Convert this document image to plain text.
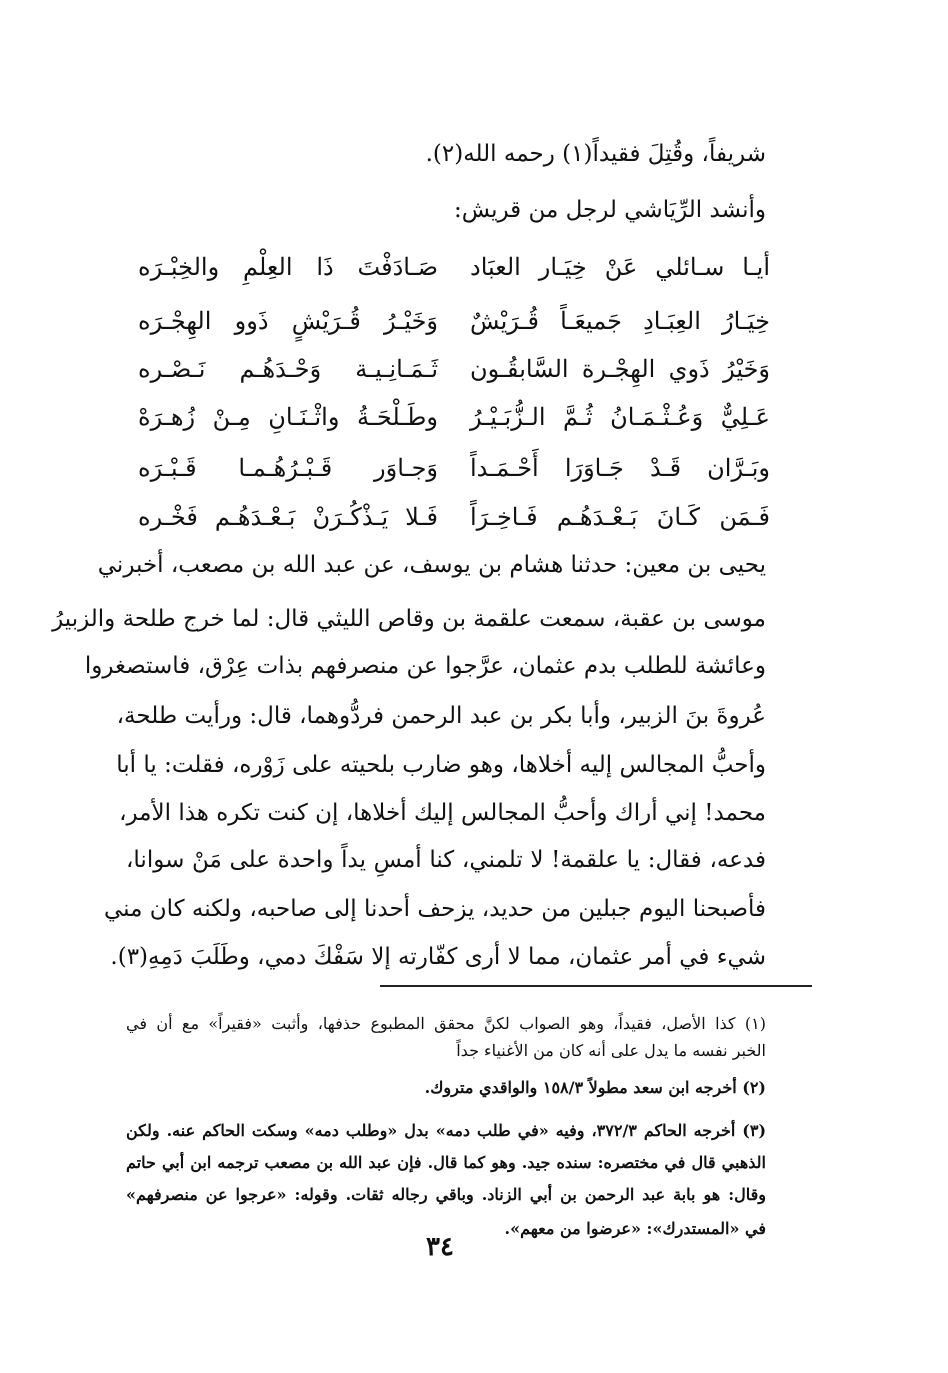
شريفاً، وقُتِلَ فقيداً(١) رحمه الله(٢).
وأنشد الرِّيَاشي لرجل من قريش:
أيـا سـائلي عَنْ خِيَـار العبَاد
صَـادَفْتَ ذَا العِلْمِ والخِبْـرَه
خِيَـارُ العِبَـادِ جَميعَـاً قُـرَيْشٌ
وَخَيْـرُ قُـرَيْشٍ ذَوو الهِجْـرَه
وَخَيْرُ ذَوي الهِجْـرة السَّابقُـون
ثَـمَـانِـيـة وَحْـدَهُـم نَـصْـره
عَـلِيٌّ وَعُـثْـمَـانُ ثُـمَّ الـزُّبَـيْـرُ
وطَـلْحَـةُ واثْـنَـانِ مِـنْ زُهـرَهْ
وبَـرَّان قَـدْ جَـاوَرَا أَحْـمَـداً
وَجـاوَر قَـبْـرُهُـمـا قَـبْـرَه
فَـمَن كَـانَ بَـعْـدَهُـم فَـاخِـرَاً
فَـلا يَـذْكُـرَنْ بَـعْـدَهُـم فَخْـره
يحيى بن معين: حدثنا هشام بن يوسف، عن عبد الله بن مصعب، أخبرني
موسى بن عقبة، سمعت علقمة بن وقاص الليثي قال: لما خرج طلحة والزبيرُ
وعائشة للطلب بدم عثمان، عرَّجوا عن منصرفهم بذات عِرْق، فاستصغروا
عُروةَ بنَ الزبير، وأبا بكر بن عبد الرحمن فردُّوهما، قال: ورأيت طلحة،
وأحبُّ المجالس إليه أخلاها، وهو ضارب بلحيته على زَوْره، فقلت: يا أبا
محمد! إني أراك وأحبُّ المجالس إليك أخلاها، إن كنت تكره هذا الأمر،
فدعه، فقال: يا علقمة! لا تلمني، كنا أمسِ يداً واحدة على مَنْ سوانا،
فأصبحنا اليوم جبلين من حديد، يزحف أحدنا إلى صاحبه، ولكنه كان مني
شيء في أمر عثمان، مما لا أرى كفّارته إلا سَفْكَ دمي، وطَلَبَ دَمِهِ(٣).
(١) كذا الأصل، فقيداً، وهو الصواب لكنَّ محقق المطبوع حذفها، وأثبت «فقيراً» مع أن في
الخبر نفسه ما يدل على أنه كان من الأغنياء جداً
(٢) أخرجه ابن سعد مطولاً ١٥٨/٣ والواقدي متروك.
(٣) أخرجه الحاكم ٣٧٢/٣، وفيه «في طلب دمه» بدل «وطلب دمه» وسكت الحاكم عنه. ولكن
الذهبي قال في مختصره: سنده جيد. وهو كما قال. فإن عبد الله بن مصعب ترجمه ابن أبي حاتم
وقال: هو بابة عبد الرحمن بن أبي الزناد. وباقي رجاله ثقات. وقوله: «عرجوا عن منصرفهم»
في «المستدرك»: «عرضوا من معهم».
٣٤
